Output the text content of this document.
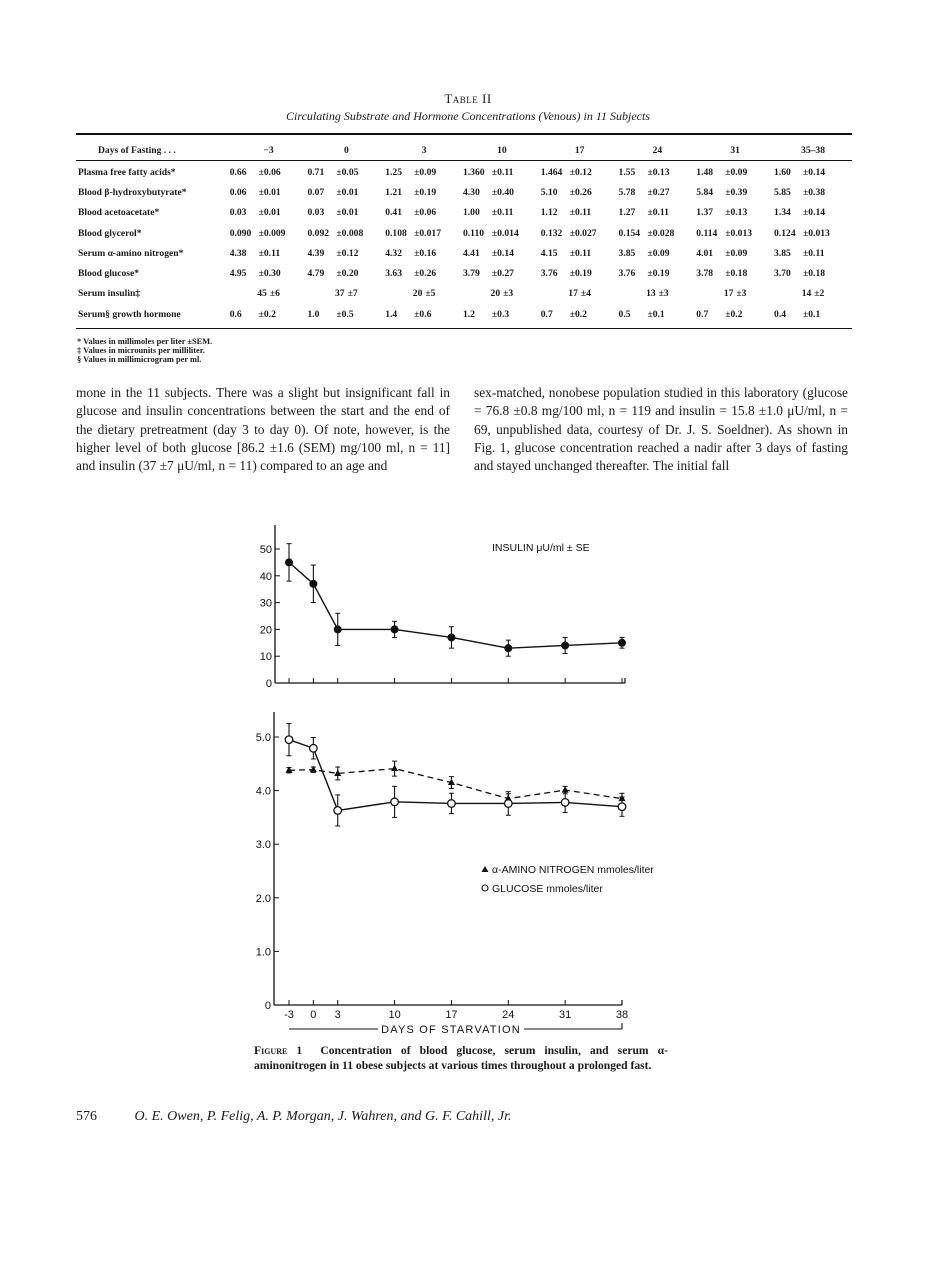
Table II
Circulating Substrate and Hormone Concentrations (Venous) in 11 Subjects
Days of Fasting . . .	−3		0		3		10		17		24		31		35–38	
Plasma free fatty acids*	0.66	±0.06	0.71	±0.05	1.25	±0.09	1.360	±0.11	1.464	±0.12	1.55	±0.13	1.48	±0.09	1.60	±0.14
Blood β-hydroxybutyrate*	0.06	±0.01	0.07	±0.01	1.21	±0.19	4.30	±0.40	5.10	±0.26	5.78	±0.27	5.84	±0.39	5.85	±0.38
Blood acetoacetate*	0.03	±0.01	0.03	±0.01	0.41	±0.06	1.00	±0.11	1.12	±0.11	1.27	±0.11	1.37	±0.13	1.34	±0.14
Blood glycerol*	0.090	±0.009	0.092	±0.008	0.108	±0.017	0.110	±0.014	0.132	±0.027	0.154	±0.028	0.114	±0.013	0.124	±0.013
Serum α-amino nitrogen*	4.38	±0.11	4.39	±0.12	4.32	±0.16	4.41	±0.14	4.15	±0.11	3.85	±0.09	4.01	±0.09	3.85	±0.11
Blood glucose*	4.95	±0.30	4.79	±0.20	3.63	±0.26	3.79	±0.27	3.76	±0.19	3.76	±0.19	3.78	±0.18	3.70	±0.18
Serum insulin‡	45 ±6		37 ±7		20 ±5		20 ±3		17 ±4		13 ±3		17 ±3		14 ±2	
Serum§ growth hormone	0.6	±0.2	1.0	±0.5	1.4	±0.6	1.2	±0.3	0.7	±0.2	0.5	±0.1	0.7	±0.2	0.4	±0.1
* Values in millimoles per liter ±SEM.
‡ Values in microunits per milliliter.
§ Values in millimicrogram per ml.

mone in the 11 subjects. There was a slight but insignificant fall in glucose and insulin concentrations between the start and the end of the dietary pretreatment (day 3 to day 0). Of note, however, is the higher level of both glucose [86.2 ±1.6 (SEM) mg/100 ml, n = 11] and insulin (37 ±7 μU/ml, n = 11) compared to an age and

sex-matched, nonobese population studied in this laboratory (glucose = 76.8 ±0.8 mg/100 ml, n = 119 and insulin = 15.8 ±1.0 μU/ml, n = 69, unpublished data, courtesy of Dr. J. S. Soeldner). As shown in Fig. 1, glucose concentration reached a nadir after 3 days of fasting and stayed unchanged thereafter. The initial fall

0
10
20
30
40
50	INSULIN μU/ml ± SE
-3 0 3	10	17	24	31	38
0
1.0
2.0
3.0
4.0
5.0
DAYS OF STARVATION
α-AMINO NITROGEN mmoles/liter
GLUCOSE mmoles/liter
Figure 1 Concentration of blood glucose, serum insulin, and serum α-aminonitrogen in 11 obese subjects at various times throughout a prolonged fast.
576	O. E. Owen, P. Felig, A. P. Morgan, J. Wahren, and G. F. Cahill, Jr.
